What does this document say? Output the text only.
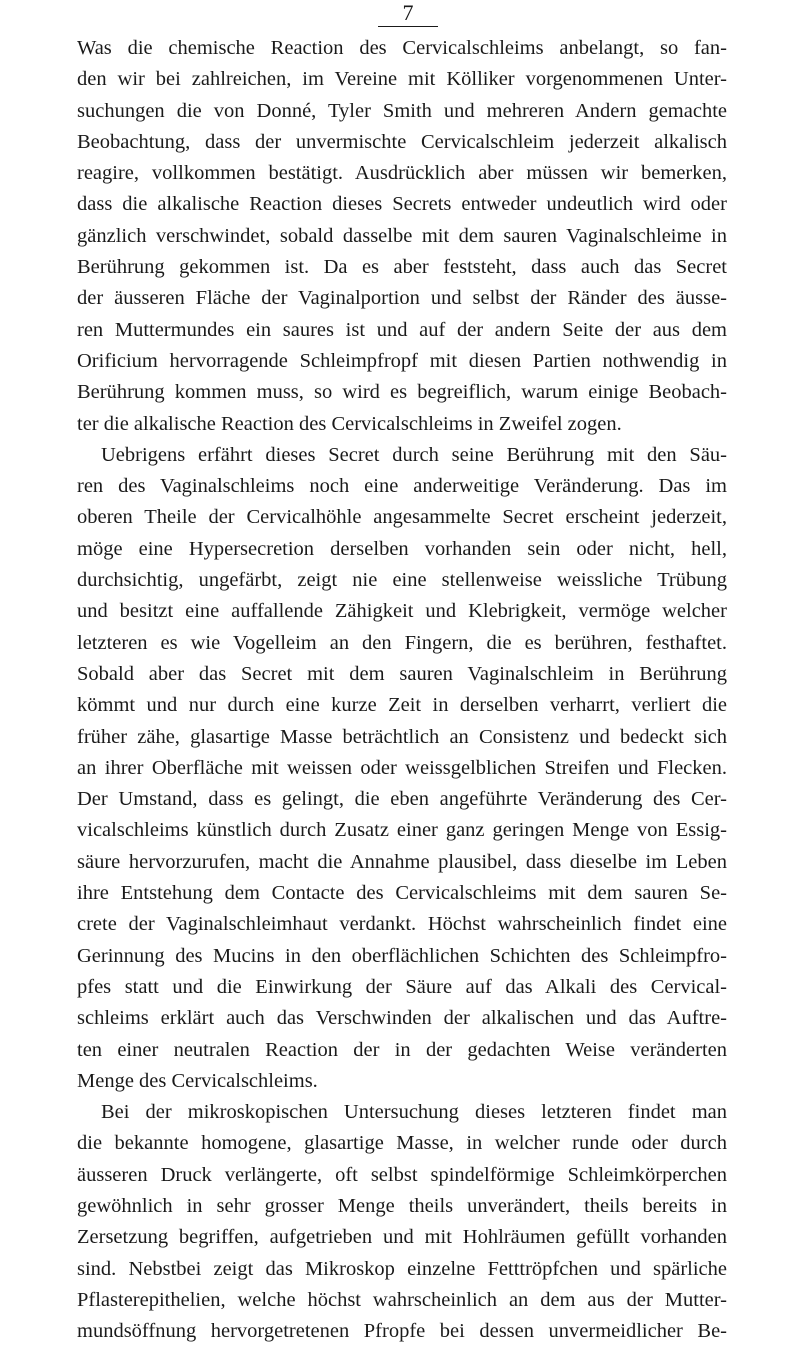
7
Was die chemische Reaction des Cervicalschleims anbelangt, so fan-
den wir bei zahlreichen, im Vereine mit Kölliker vorgenommenen Unter-
suchungen die von Donné, Tyler Smith und mehreren Andern gemachte
Beobachtung, dass der unvermischte Cervicalschleim jederzeit alkalisch
reagire, vollkommen bestätigt. Ausdrücklich aber müssen wir bemerken,
dass die alkalische Reaction dieses Secrets entweder undeutlich wird oder
gänzlich verschwindet, sobald dasselbe mit dem sauren Vaginalschleime in
Berührung gekommen ist. Da es aber feststeht, dass auch das Secret
der äusseren Fläche der Vaginalportion und selbst der Ränder des äusse-
ren Muttermundes ein saures ist und auf der andern Seite der aus dem
Orificium hervorragende Schleimpfropf mit diesen Partien nothwendig in
Berührung kommen muss, so wird es begreiflich, warum einige Beobach-
ter die alkalische Reaction des Cervicalschleims in Zweifel zogen.
Uebrigens erfährt dieses Secret durch seine Berührung mit den Säu-
ren des Vaginalschleims noch eine anderweitige Veränderung. Das im
oberen Theile der Cervicalhöhle angesammelte Secret erscheint jederzeit,
möge eine Hypersecretion derselben vorhanden sein oder nicht, hell,
durchsichtig, ungefärbt, zeigt nie eine stellenweise weissliche Trübung
und besitzt eine auffallende Zähigkeit und Klebrigkeit, vermöge welcher
letzteren es wie Vogelleim an den Fingern, die es berühren, festhaftet.
Sobald aber das Secret mit dem sauren Vaginalschleim in Berührung
kömmt und nur durch eine kurze Zeit in derselben verharrt, verliert die
früher zähe, glasartige Masse beträchtlich an Consistenz und bedeckt sich
an ihrer Oberfläche mit weissen oder weissgelblichen Streifen und Flecken.
Der Umstand, dass es gelingt, die eben angeführte Veränderung des Cer-
vicalschleims künstlich durch Zusatz einer ganz geringen Menge von Essig-
säure hervorzurufen, macht die Annahme plausibel, dass dieselbe im Leben
ihre Entstehung dem Contacte des Cervicalschleims mit dem sauren Se-
crete der Vaginalschleimhaut verdankt. Höchst wahrscheinlich findet eine
Gerinnung des Mucins in den oberflächlichen Schichten des Schleimpfro-
pfes statt und die Einwirkung der Säure auf das Alkali des Cervical-
schleims erklärt auch das Verschwinden der alkalischen und das Auftre-
ten einer neutralen Reaction der in der gedachten Weise veränderten
Menge des Cervicalschleims.
Bei der mikroskopischen Untersuchung dieses letzteren findet man
die bekannte homogene, glasartige Masse, in welcher runde oder durch
äusseren Druck verlängerte, oft selbst spindelförmige Schleimkörperchen
gewöhnlich in sehr grosser Menge theils unverändert, theils bereits in
Zersetzung begriffen, aufgetrieben und mit Hohlräumen gefüllt vorhanden
sind. Nebstbei zeigt das Mikroskop einzelne Fetttröpfchen und spärliche
Pflasterepithelien, welche höchst wahrscheinlich an dem aus der Mutter-
mundsöffnung hervorgetretenen Pfropfe bei dessen unvermeidlicher Be-
